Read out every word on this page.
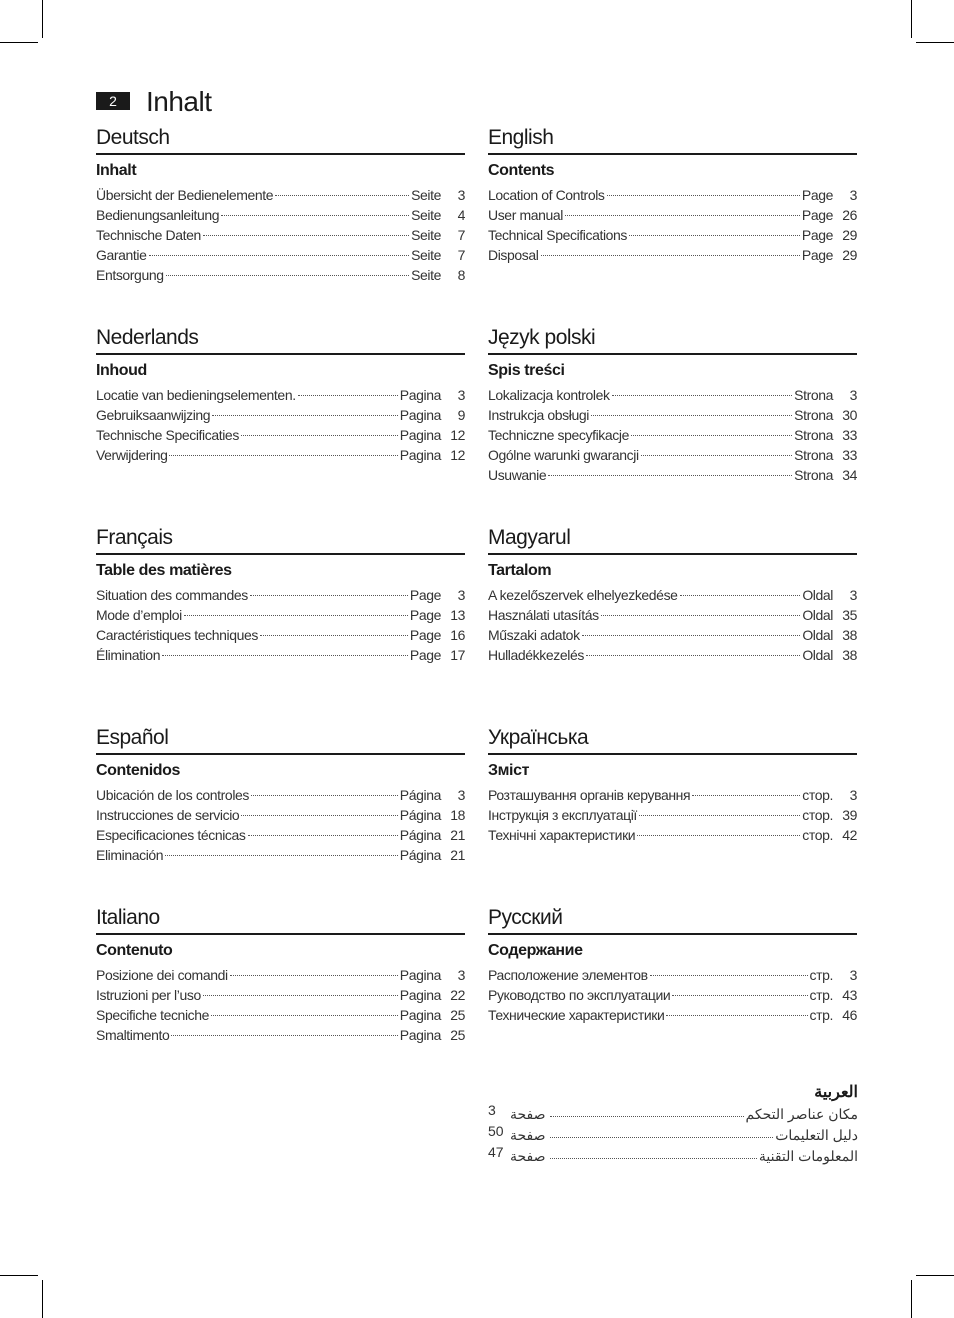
2	Inhalt
Deutsch
Inhalt
Übersicht der Bedienelemente	Seite	3
Bedienungsanleitung	Seite	4
Technische Daten	Seite	7
Garantie	Seite	7
Entsorgung	Seite	8
English
Contents
Location of Controls	Page	3
User manual	Page 26
Technical Specifications	Page 29
Disposal	Page 29
Nederlands
Inhoud
Locatie van bedieningselementen.	Pagina	3
Gebruiksaanwijzing	Pagina	9
Technische Specificaties	Pagina 12
Verwijdering	Pagina 12
Język polski
Spis treści
Lokalizacja kontrolek	Strona	3
Instrukcja obsługi	Strona 30
Techniczne specyfikacje	Strona 33
Ogólne warunki gwarancji	Strona 33
Usuwanie	Strona 34
Français
Table des matières
Situation des commandes	Page	3
Mode d’emploi	Page 13
Caractéristiques techniques	Page 16
Élimination	Page 17
Magyarul
Tartalom
A kezelőszervek elhelyezkedése	Oldal	3
Használati utasítás	Oldal 35
Műszaki adatok	Oldal 38
Hulladékkezelés	Oldal 38
Español
Contenidos
Ubicación de los controles	Página	3
Instrucciones de servicio	Página 18
Especificaciones técnicas	Página 21
Eliminación	Página 21
Українська
Зміст
Розташування органів керування	стор.	3
Інструкція з експлуатації	стор. 39
Технічні характеристики	стор. 42
Italiano
Contenuto
Posizione dei comandi	Pagina	3
Istruzioni per l’uso	Pagina 22
Specifiche tecniche	Pagina 25
Smaltimento	Pagina 25
Русский
Содержание
Расположение элементов	стр.	3
Руководство по эксплуатации	стр. 43
Технические характеристики	стр. 46
العربية
3 صفحة	مكان عناصر التحكم
50 صفحة	دليل التعليمات
47 صفحة	المعلومات التقنية
